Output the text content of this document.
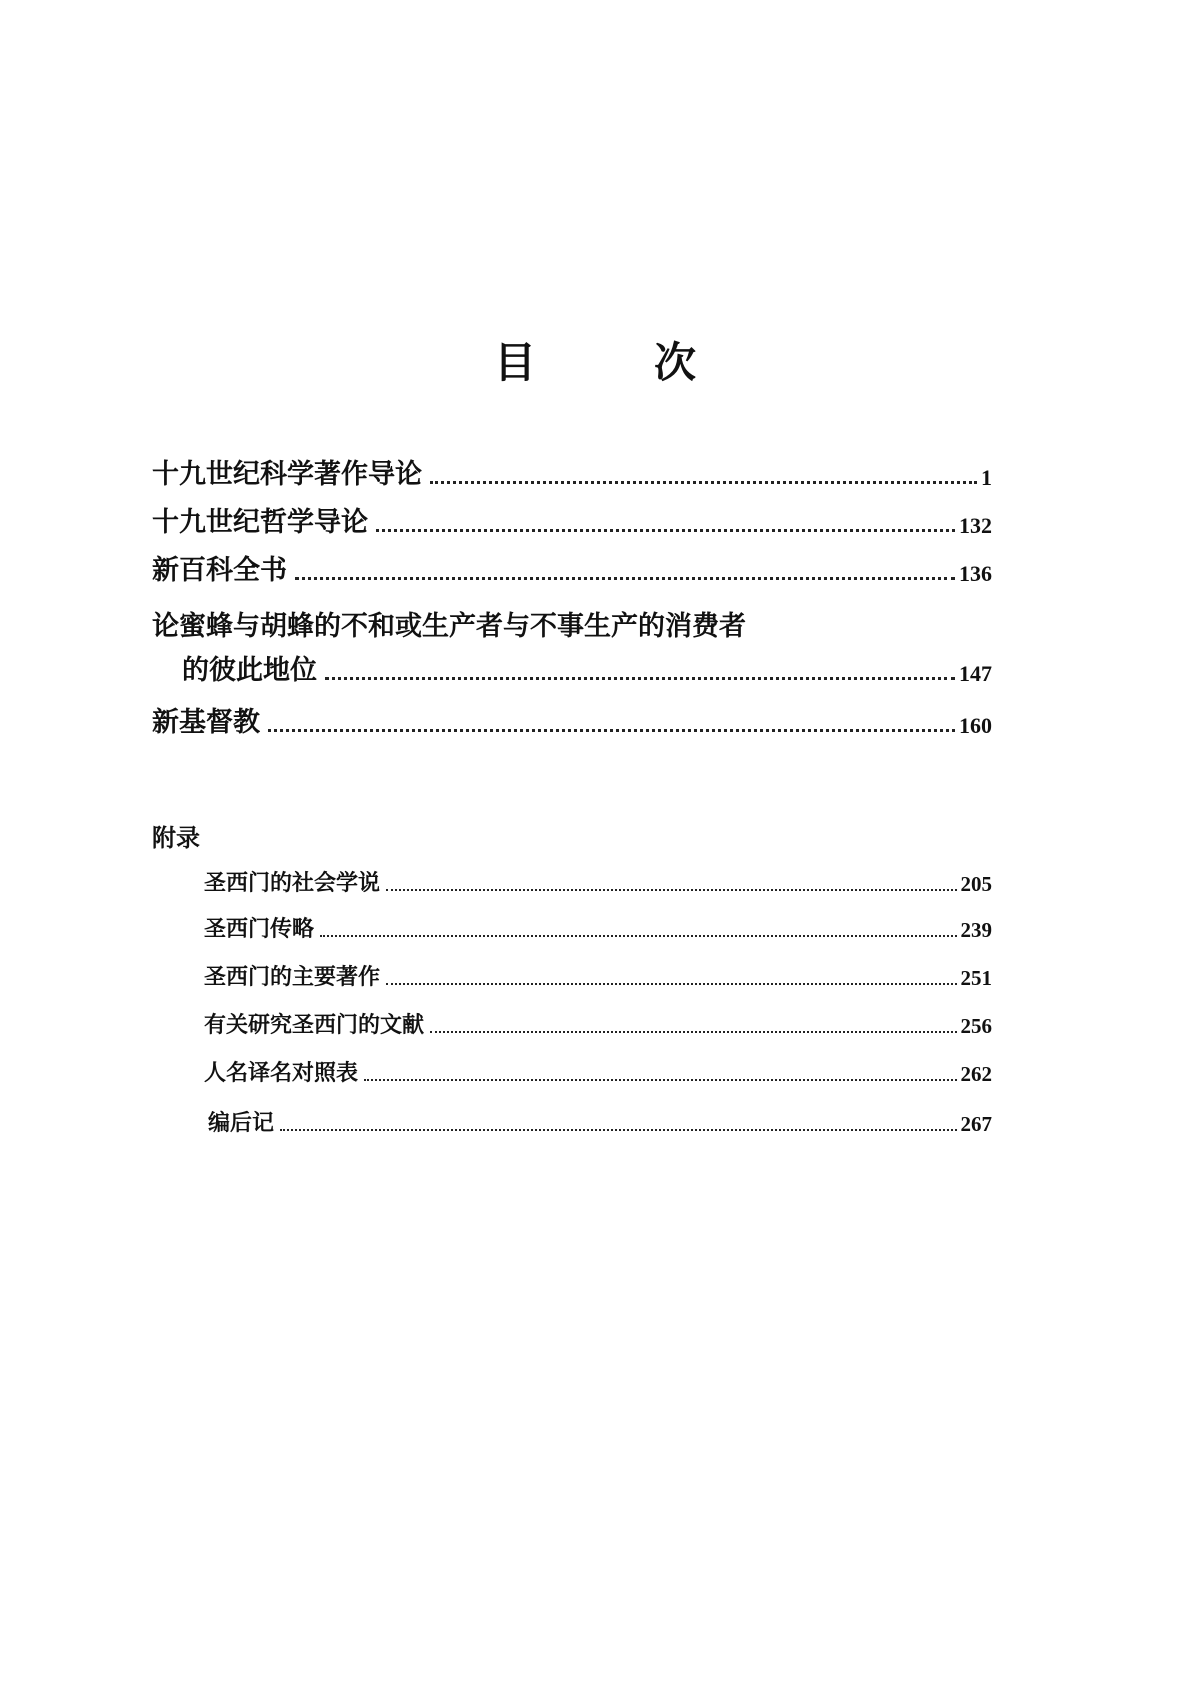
目	次
十九世纪科学著作导论	1
十九世纪哲学导论	132
新百科全书	136
论蜜蜂与胡蜂的不和或生产者与不事生产的消费者
的彼此地位	147
新基督教	160
附录
圣西门的社会学说	205
圣西门传略	239
圣西门的主要著作	251
有关研究圣西门的文献	256
人名译名对照表	262
编后记	267
